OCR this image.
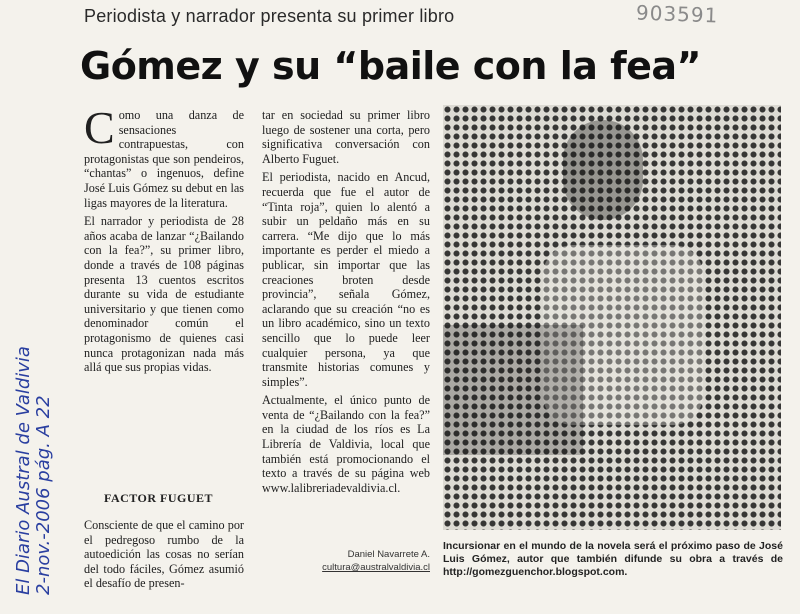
Periodista y narrador presenta su primer libro	903591
Gómez y su “baile con la fea”
El Diario Austral de Valdivia 2-nov.-2006 pág. A 22

Como una danza de sensaciones contrapuestas, con protagonistas que son pendeiros, “chantas” o ingenuos, define José Luis Gómez su debut en las ligas mayores de la literatura.

El narrador y periodista de 28 años acaba de lanzar “¿Bailando con la fea?”, su primer libro, donde a través de 108 páginas presenta 13 cuentos escritos durante su vida de estudiante universitario y que tienen como denominador común el protagonismo de quienes casi nunca protagonizan nada más allá que sus propias vidas.

FACTOR FUGUET

Consciente de que el camino por el pedregoso rumbo de la autoedición las cosas no serían del todo fáciles, Gómez asumió el desafío de presen-

tar en sociedad su primer libro luego de sostener una corta, pero significativa conversación con Alberto Fuguet.

El periodista, nacido en Ancud, recuerda que fue el autor de “Tinta roja”, quien lo alentó a subir un peldaño más en su carrera. “Me dijo que lo más importante es perder el miedo a publicar, sin importar que las creaciones broten desde provincia”, señala Gómez, aclarando que su creación “no es un libro académico, sino un texto sencillo que lo puede leer cualquier persona, ya que transmite historias comunes y simples”.

Actualmente, el único punto de venta de “¿Bailando con la fea?” en la ciudad de los ríos es La Librería de Valdivia, local que también está promocionando el texto a través de su página web www.lalibreriadevaldivia.cl.

Daniel Navarrete A.
cultura@australvaldivia.cl
Incursionar en el mundo de la novela será el próximo paso de José Luis Gómez, autor que también difunde su obra a través de http://gomezguenchor.blogspot.com.
